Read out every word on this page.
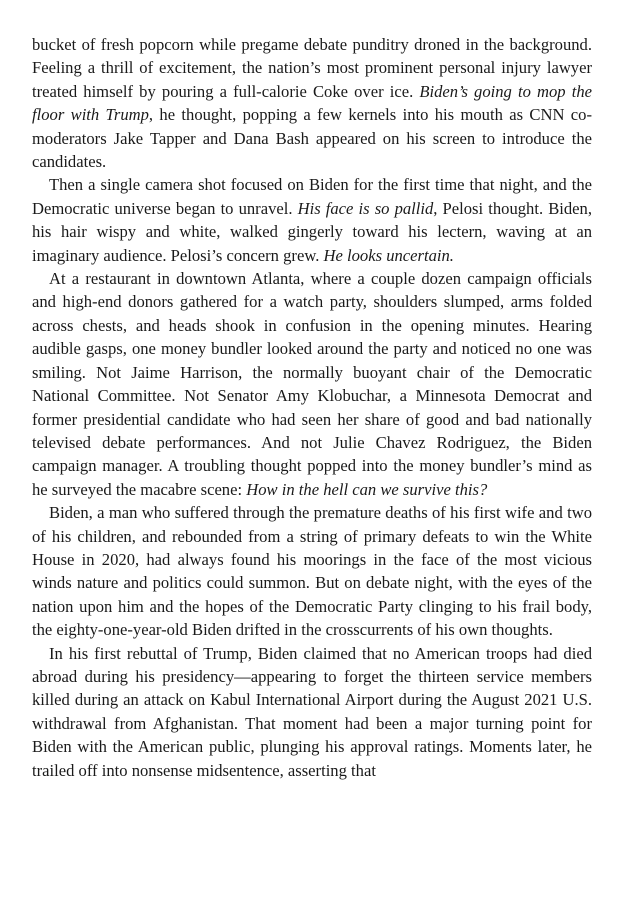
bucket of fresh popcorn while pregame debate punditry droned in the background. Feeling a thrill of excitement, the nation’s most prominent personal injury lawyer treated himself by pouring a full-calorie Coke over ice. Biden’s going to mop the floor with Trump, he thought, popping a few kernels into his mouth as CNN co-moderators Jake Tapper and Dana Bash appeared on his screen to introduce the candidates.

Then a single camera shot focused on Biden for the first time that night, and the Democratic universe began to unravel. His face is so pallid, Pelosi thought. Biden, his hair wispy and white, walked gingerly toward his lectern, waving at an imaginary audience. Pelosi’s concern grew. He looks uncertain.

At a restaurant in downtown Atlanta, where a couple dozen campaign officials and high-end donors gathered for a watch party, shoulders slumped, arms folded across chests, and heads shook in confusion in the opening minutes. Hearing audible gasps, one money bundler looked around the party and noticed no one was smiling. Not Jaime Harrison, the normally buoyant chair of the Democratic National Committee. Not Senator Amy Klobuchar, a Minnesota Democrat and former presidential candidate who had seen her share of good and bad nationally televised debate performances. And not Julie Chavez Rodriguez, the Biden campaign manager. A troubling thought popped into the money bundler’s mind as he surveyed the macabre scene: How in the hell can we survive this?

Biden, a man who suffered through the premature deaths of his first wife and two of his children, and rebounded from a string of primary defeats to win the White House in 2020, had always found his moorings in the face of the most vicious winds nature and politics could summon. But on debate night, with the eyes of the nation upon him and the hopes of the Democratic Party clinging to his frail body, the eighty-one-year-old Biden drifted in the crosscurrents of his own thoughts.

In his first rebuttal of Trump, Biden claimed that no American troops had died abroad during his presidency—appearing to forget the thirteen service members killed during an attack on Kabul International Airport during the August 2021 U.S. withdrawal from Afghanistan. That moment had been a major turning point for Biden with the American public, plunging his approval ratings. Moments later, he trailed off into nonsense midsentence, asserting that
